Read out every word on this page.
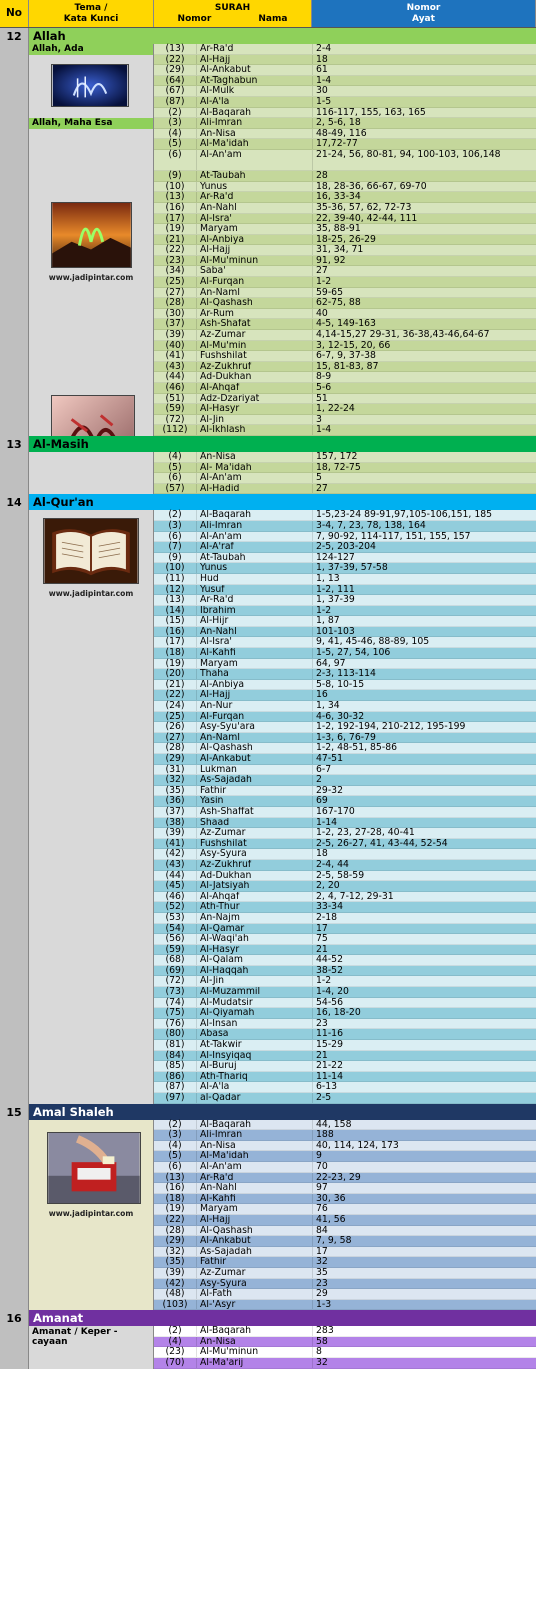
No	Tema /
Kata Kunci
SURAH
Nomor	Nama
Nomor
Ayat
12 Allah
Allah, Ada
Allah, Maha Esa
www.jadipintar.com
(13)	Ar-Ra'd	2-4
(22)	Al-Hajj	18
(29)	Al-Ankabut	61
(64)	At-Taghabun	1-4
(67)	Al-Mulk	30
(87)	Al-A'la	1-5
(2)	Al-Baqarah	116-117, 155, 163, 165
(3)	Ali-Imran	2, 5-6, 18
(4)	An-Nisa	48-49, 116
(5)	Al-Ma'idah	17,72-77
(6)	Al-An'am	21-24, 56, 80-81, 94, 100-103, 106,148
(9)	At-Taubah	28
(10)	Yunus	18, 28-36, 66-67, 69-70
(13)	Ar-Ra'd	16, 33-34
(16)	An-Nahl	35-36, 57, 62, 72-73
(17)	Al-Isra'	22, 39-40, 42-44, 111
(19)	Maryam	35, 88-91
(21)	Al-Anbiya	18-25, 26-29
(22)	Al-Hajj	31, 34, 71
(23)	Al-Mu'minun	91, 92
(34)	Saba'	27
(25)	Al-Furqan	1-2
(27)	An-Naml	59-65
(28)	Al-Qashash	62-75, 88
(30)	Ar-Rum	40
(37)	Ash-Shafat	4-5, 149-163
(39)	Az-Zumar	4,14-15,27 29-31, 36-38,43-46,64-67
(40)	Al-Mu'min	3, 12-15, 20, 66
(41)	Fushshilat	6-7, 9, 37-38
(43)	Az-Zukhruf	15, 81-83, 87
(44)	Ad-Dukhan	8-9
(46)	Al-Ahqaf	5-6
(51)	Adz-Dzariyat	51
(59)	Al-Hasyr	1, 22-24
(72)	Al-Jin	3
(112)	Al-Ikhlash	1-4
13 Al-Masih
(4)	An-Nisa	157, 172
(5)	Al- Ma'idah	18, 72-75
(6)	Al-An'am	5
(57)	Al-Hadid	27
14 Al-Qur'an
www.jadipintar.com
(2)	Al-Baqarah	1-5,23-24 89-91,97,105-106,151, 185
(3)	Ali-Imran	3-4, 7, 23, 78, 138, 164
(6)	Al-An'am	7, 90-92, 114-117, 151, 155, 157
(7)	Al-A'raf	2-5, 203-204
(9)	At-Taubah	124-127
(10)	Yunus	1, 37-39, 57-58
(11)	Hud	1, 13
(12)	Yusuf	1-2, 111
(13)	Ar-Ra'd	1, 37-39
(14)	Ibrahim	1-2
(15)	Al-Hijr	1, 87
(16)	An-Nahl	101-103
(17)	Al-Isra'	9, 41, 45-46, 88-89, 105
(18)	Al-Kahfi	1-5, 27, 54, 106
(19)	Maryam	64, 97
(20)	Thaha	2-3, 113-114
(21)	Al-Anbiya	5-8, 10-15
(22)	Al-Hajj	16
(24)	An-Nur	1, 34
(25)	Al-Furqan	4-6, 30-32
(26)	Asy-Syu'ara	1-2, 192-194, 210-212, 195-199
(27)	An-Naml	1-3, 6, 76-79
(28)	Al-Qashash	1-2, 48-51, 85-86
(29)	Al-Ankabut	47-51
(31)	Lukman	6-7
(32)	As-Sajadah	2
(35)	Fathir	29-32
(36)	Yasin	69
(37)	Ash-Shaffat	167-170
(38)	Shaad	1-14
(39)	Az-Zumar	1-2, 23, 27-28, 40-41
(41)	Fushshilat	2-5, 26-27, 41, 43-44, 52-54
(42)	Asy-Syura	18
(43)	Az-Zukhruf	2-4, 44
(44)	Ad-Dukhan	2-5, 58-59
(45)	Al-Jatsiyah	2, 20
(46)	Al-Ahqaf	2, 4, 7-12, 29-31
(52)	Ath-Thur	33-34
(53)	An-Najm	2-18
(54)	Al-Qamar	17
(56)	Al-Waqi'ah	75
(59)	Al-Hasyr	21
(68)	Al-Qalam	44-52
(69)	Al-Haqqah	38-52
(72)	Al-Jin	1-2
(73)	Al-Muzammil	1-4, 20
(74)	Al-Mudatsir	54-56
(75)	Al-Qiyamah	16, 18-20
(76)	Al-Insan	23
(80)	Abasa	11-16
(81)	At-Takwir	15-29
(84)	Al-Insyiqaq	21
(85)	Al-Buruj	21-22
(86)	Ath-Thariq	11-14
(87)	Al-A'la	6-13
(97)	al-Qadar	2-5
15 Amal Shaleh
www.jadipintar.com
(2)	Al-Baqarah	44, 158
(3)	Ali-Imran	188
(4)	An-Nisa	40, 114, 124, 173
(5)	Al-Ma'idah	9
(6)	Al-An'am	70
(13)	Ar-Ra'd	22-23, 29
(16)	An-Nahl	97
(18)	Al-Kahfi	30, 36
(19)	Maryam	76
(22)	Al-Hajj	41, 56
(28)	Al-Qashash	84
(29)	Al-Ankabut	7, 9, 58
(32)	As-Sajadah	17
(35)	Fathir	32
(39)	Az-Zumar	35
(42)	Asy-Syura	23
(48)	Al-Fath	29
(103)	Al-'Asyr	1-3
16 Amanat
Amanat / Keper -
cayaan
(2)	Al-Baqarah	283
(4)	An-Nisa	58
(23)	Al-Mu'minun	8
(70)	Al-Ma'arij	32
